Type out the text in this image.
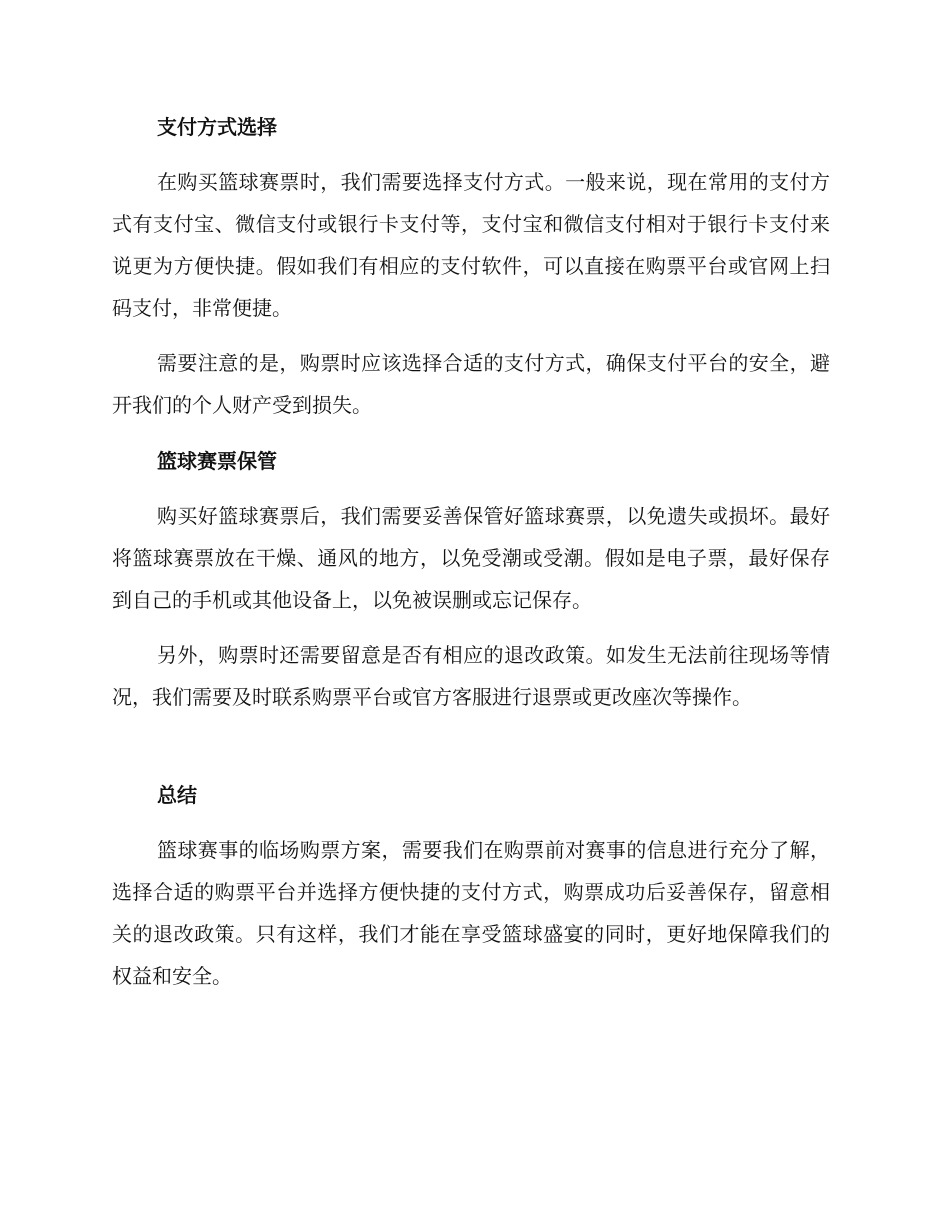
支付方式选择

在购买篮球赛票时，我们需要选择支付方式。一般来说，现在常用的支付方式有支付宝、微信支付或银行卡支付等，支付宝和微信支付相对于银行卡支付来说更为方便快捷。假如我们有相应的支付软件，可以直接在购票平台或官网上扫码支付，非常便捷。

需要注意的是，购票时应该选择合适的支付方式，确保支付平台的安全，避开我们的个人财产受到损失。

篮球赛票保管

购买好篮球赛票后，我们需要妥善保管好篮球赛票，以免遗失或损坏。最好将篮球赛票放在干燥、通风的地方，以免受潮或受潮。假如是电子票，最好保存到自己的手机或其他设备上，以免被误删或忘记保存。

另外，购票时还需要留意是否有相应的退改政策。如发生无法前往现场等情况，我们需要及时联系购票平台或官方客服进行退票或更改座次等操作。

总结

篮球赛事的临场购票方案，需要我们在购票前对赛事的信息进行充分了解，选择合适的购票平台并选择方便快捷的支付方式，购票成功后妥善保存，留意相关的退改政策。只有这样，我们才能在享受篮球盛宴的同时，更好地保障我们的权益和安全。
